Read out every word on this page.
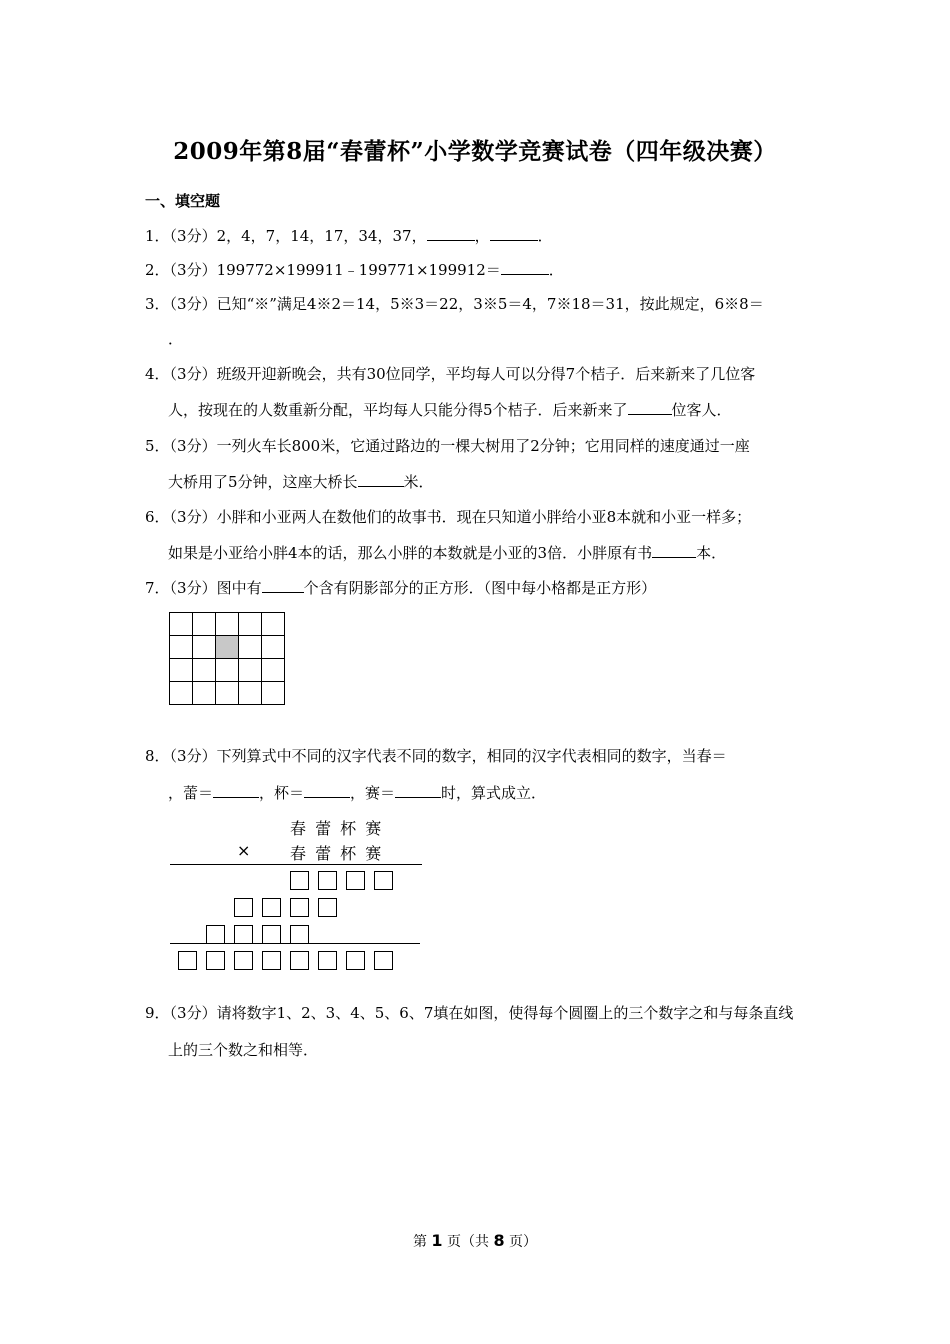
2009年第8届“春蕾杯”小学数学竞赛试卷（四年级决赛）
一、填空题
1．（3分）2，4，7，14，17，34，37，	，	．
2．（3分）199772×199911﹣199771×199912＝	．
3．（3分）已知“※”满足4※2＝14，5※3＝22，3※5＝4，7※18＝31，按此规定，6※8＝
．
4．（3分）班级开迎新晚会，共有30位同学，平均每人可以分得7个桔子．后来新来了几位客
人，按现在的人数重新分配，平均每人只能分得5个桔子．后来新来了	位客人．
5．（3分）一列火车长800米，它通过路边的一棵大树用了2分钟；它用同样的速度通过一座
大桥用了5分钟，这座大桥长	米．
6．（3分）小胖和小亚两人在数他们的故事书．现在只知道小胖给小亚8本就和小亚一样多；
如果是小亚给小胖4本的话，那么小胖的本数就是小亚的3倍．小胖原有书	本．
7．（3分）图中有	个含有阴影部分的正方形．（图中每小格都是正方形）

8．（3分）下列算式中不同的汉字代表不同的数字，相同的汉字代表相同的数字，当春＝
，蕾＝	，杯＝	，赛＝	时，算式成立．
春 蕾 杯 赛
× 春 蕾 杯 赛
9．（3分）请将数字1、2、3、4、5、6、7填在如图，使得每个圆圈上的三个数字之和与每条直线
上的三个数之和相等．
第 1 页（共 8 页）
